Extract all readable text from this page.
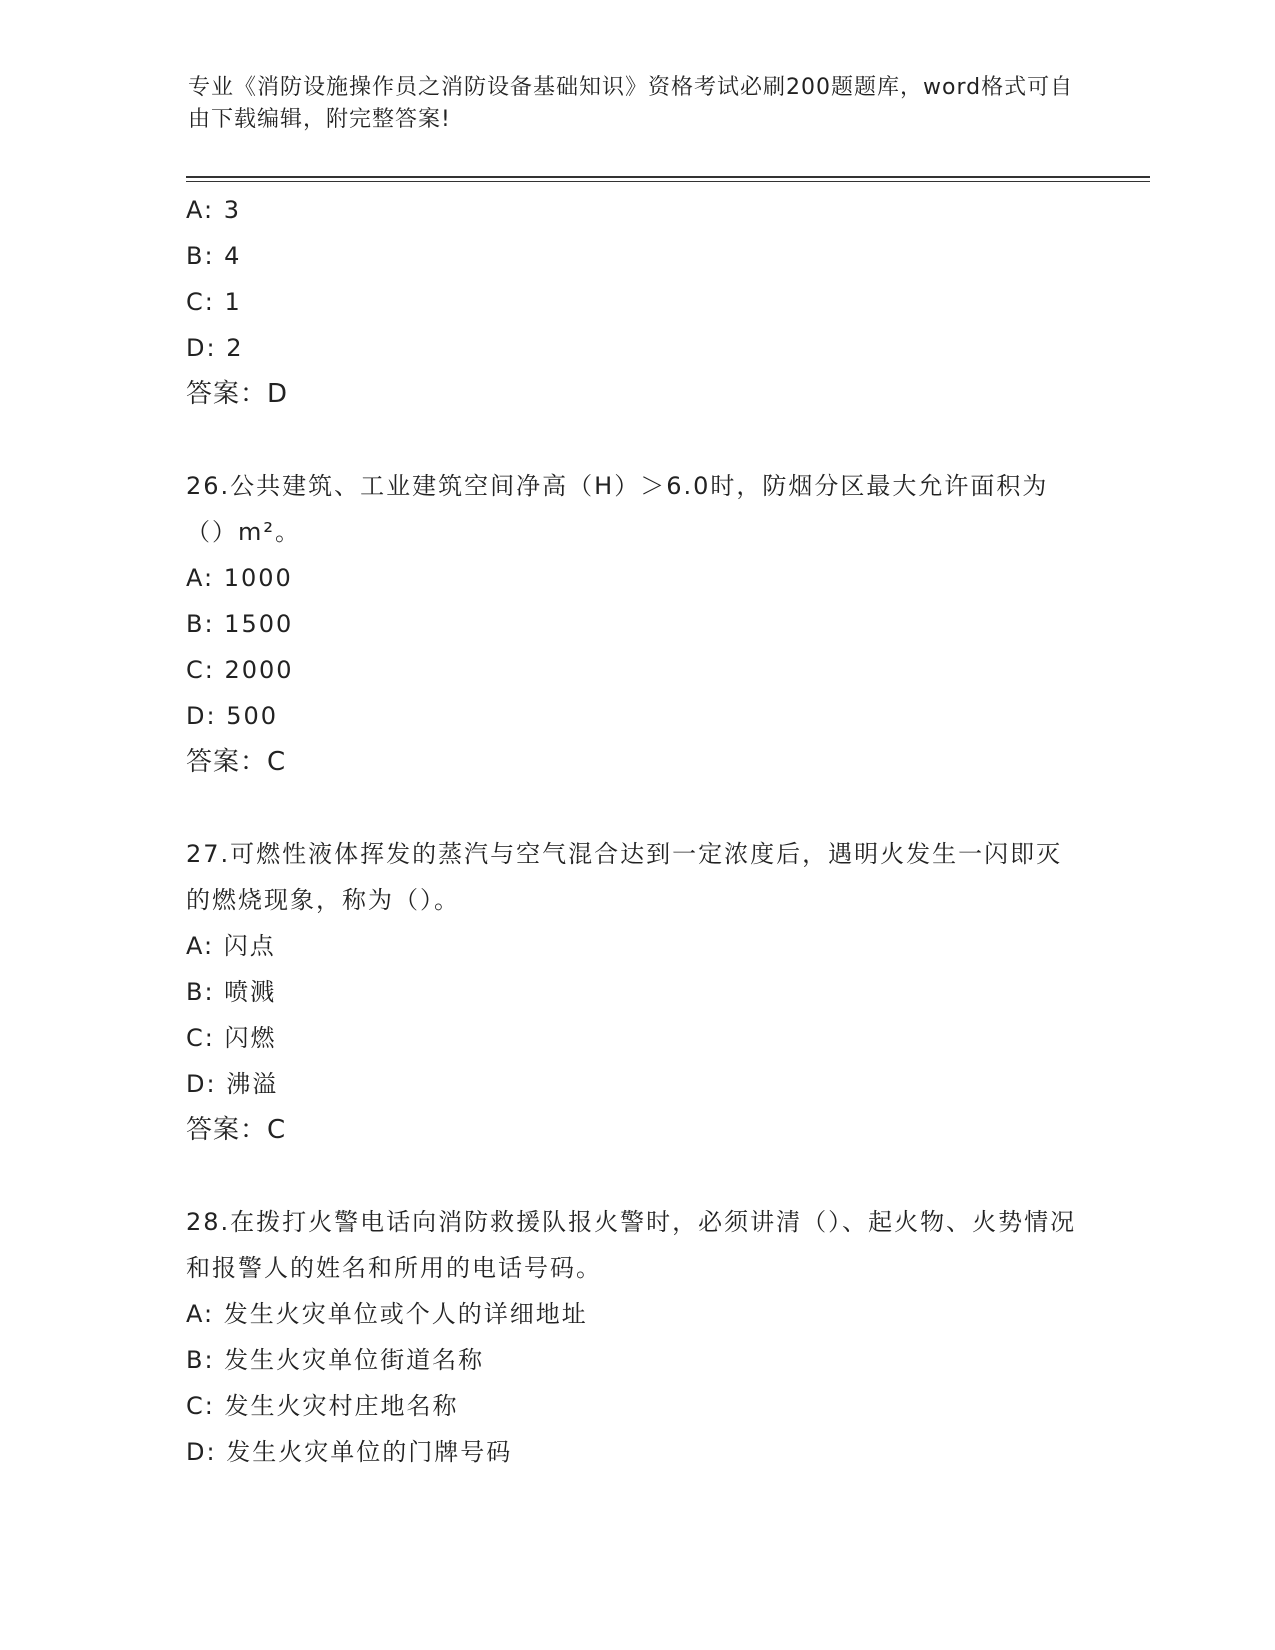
专业《消防设施操作员之消防设备基础知识》资格考试必刷200题题库，word格式可自由下载编辑，附完整答案!
A: 3
B: 4
C: 1
D: 2
答案：D
26.公共建筑、工业建筑空间净高（H）＞6.0时，防烟分区最大允许面积为（）m²。
A: 1000
B: 1500
C: 2000
D: 500
答案：C
27.可燃性液体挥发的蒸汽与空气混合达到一定浓度后，遇明火发生一闪即灭的燃烧现象，称为（）。
A: 闪点
B: 喷溅
C: 闪燃
D: 沸溢
答案：C
28.在拨打火警电话向消防救援队报火警时，必须讲清（）、起火物、火势情况和报警人的姓名和所用的电话号码。
A: 发生火灾单位或个人的详细地址
B: 发生火灾单位街道名称
C: 发生火灾村庄地名称
D: 发生火灾单位的门牌号码
